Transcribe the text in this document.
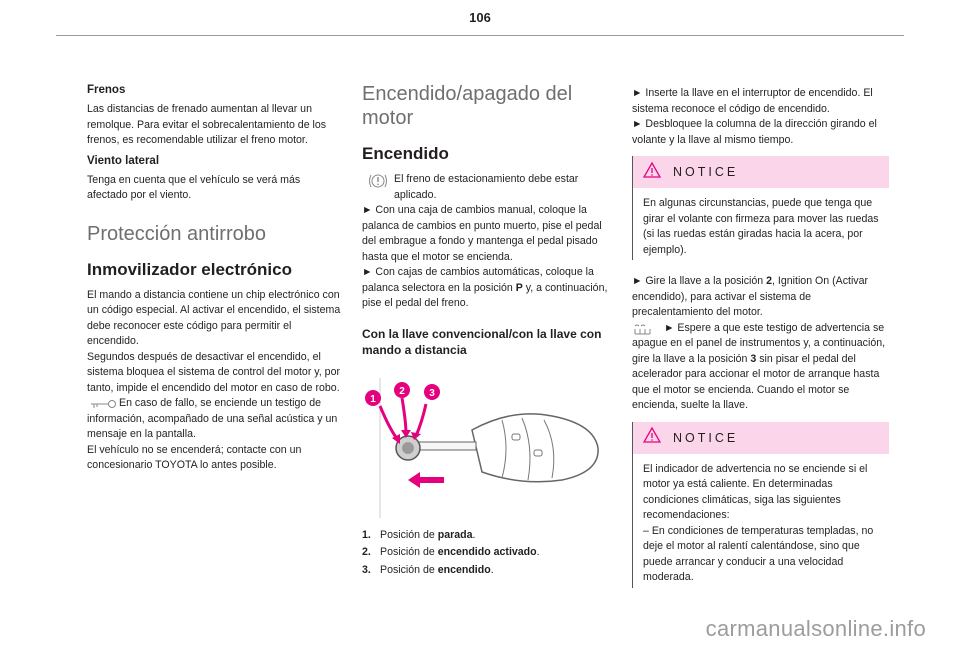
106
Frenos

Las distancias de frenado aumentan al llevar un remolque. Para evitar el sobrecalentamiento de los frenos, es recomendable utilizar el freno motor.

Viento lateral

Tenga en cuenta que el vehículo se verá más afectado por el viento.

Protección antirrobo
Inmovilizador electrónico

El mando a distancia contiene un chip electrónico con un código especial. Al activar el encendido, el sistema debe reconocer este código para permitir el encendido.

Segundos después de desactivar el encendido, el sistema bloquea el sistema de control del motor y, por tanto, impide el encendido del motor en caso de robo.

En caso de fallo, se enciende un testigo de información, acompañado de una señal acústica y un mensaje en la pantalla.

El vehículo no se encenderá; contacte con un concesionario TOYOTA lo antes posible.

Encendido/apagado del motor
Encendido

El freno de estacionamiento debe estar aplicado.

► Con una caja de cambios manual, coloque la palanca de cambios en punto muerto, pise el pedal del embrague a fondo y mantenga el pedal pisado hasta que el motor se encienda.

► Con cajas de cambios automáticas, coloque la palanca selectora en la posición P y, a continuación, pise el pedal del freno.

Con la llave convencional/con la llave con mando a distancia
1
2 3

1. Posición de parada.

2. Posición de encendido activado.

3. Posición de encendido.

► Inserte la llave en el interruptor de encendido. El sistema reconoce el código de encendido.

► Desbloquee la columna de la dirección girando el volante y la llave al mismo tiempo.

NOTICE

En algunas circunstancias, puede que tenga que girar el volante con firmeza para mover las ruedas (si las ruedas están giradas hacia la acera, por ejemplo).

► Gire la llave a la posición 2, Ignition On (Activar encendido), para activar el sistema de precalentamiento del motor.

► Espere a que este testigo de advertencia se apague en el panel de instrumentos y, a continuación, gire la llave a la posición 3 sin pisar el pedal del acelerador para accionar el motor de arranque hasta que el motor se encienda. Cuando el motor se encienda, suelte la llave.

NOTICE

El indicador de advertencia no se enciende si el motor ya está caliente. En determinadas condiciones climáticas, siga las siguientes recomendaciones:

– En condiciones de temperaturas templadas, no deje el motor al ralentí calentándose, sino que puede arrancar y conducir a una velocidad moderada.

carmanualsonline.info
